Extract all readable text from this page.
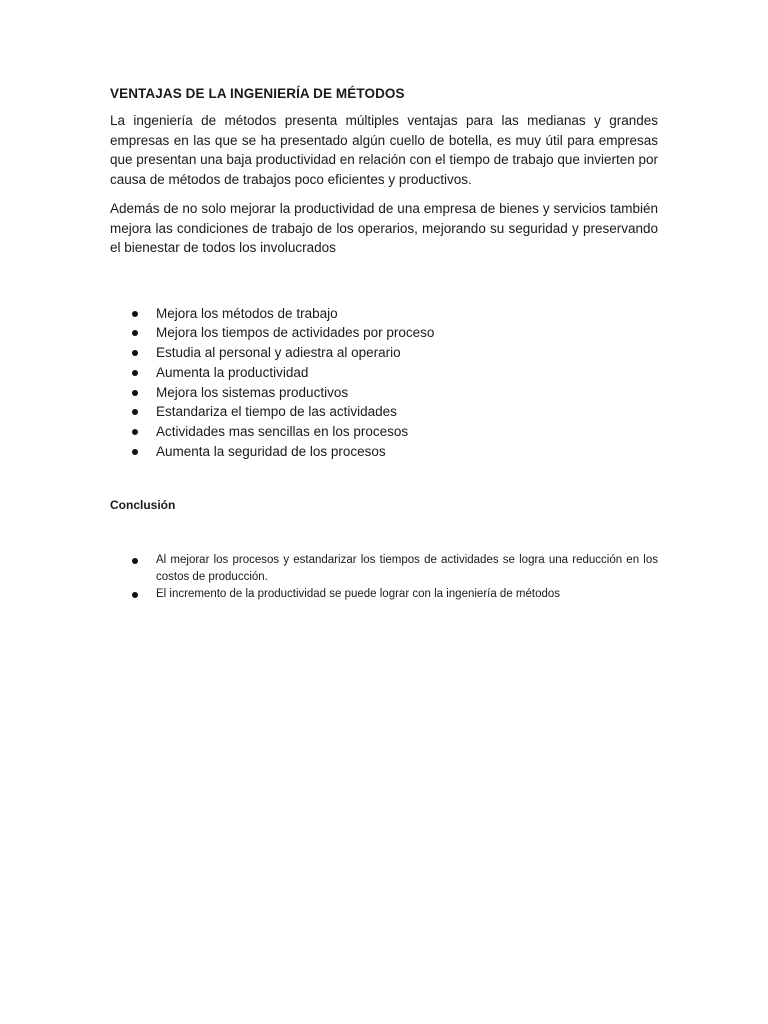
VENTAJAS DE LA INGENIERÍA DE MÉTODOS

La ingeniería de métodos presenta múltiples ventajas para las medianas y grandes empresas en las que se ha presentado algún cuello de botella, es muy útil para empresas que presentan una baja productividad en relación con el tiempo de trabajo que invierten por causa de métodos de trabajos poco eficientes y productivos.

Además de no solo mejorar la productividad de una empresa de bienes y servicios también mejora las condiciones de trabajo de los operarios, mejorando su seguridad y preservando el bienestar de todos los involucrados

Mejora los métodos de trabajo
Mejora los tiempos de actividades por proceso
Estudia al personal y adiestra al operario
Aumenta la productividad
Mejora los sistemas productivos
Estandariza el tiempo de las actividades
Actividades mas sencillas en los procesos
Aumenta la seguridad de los procesos
Conclusión
Al mejorar los procesos y estandarizar los tiempos de actividades se logra una reducción en los costos de producción.
El incremento de la productividad se puede lograr con la ingeniería de métodos
